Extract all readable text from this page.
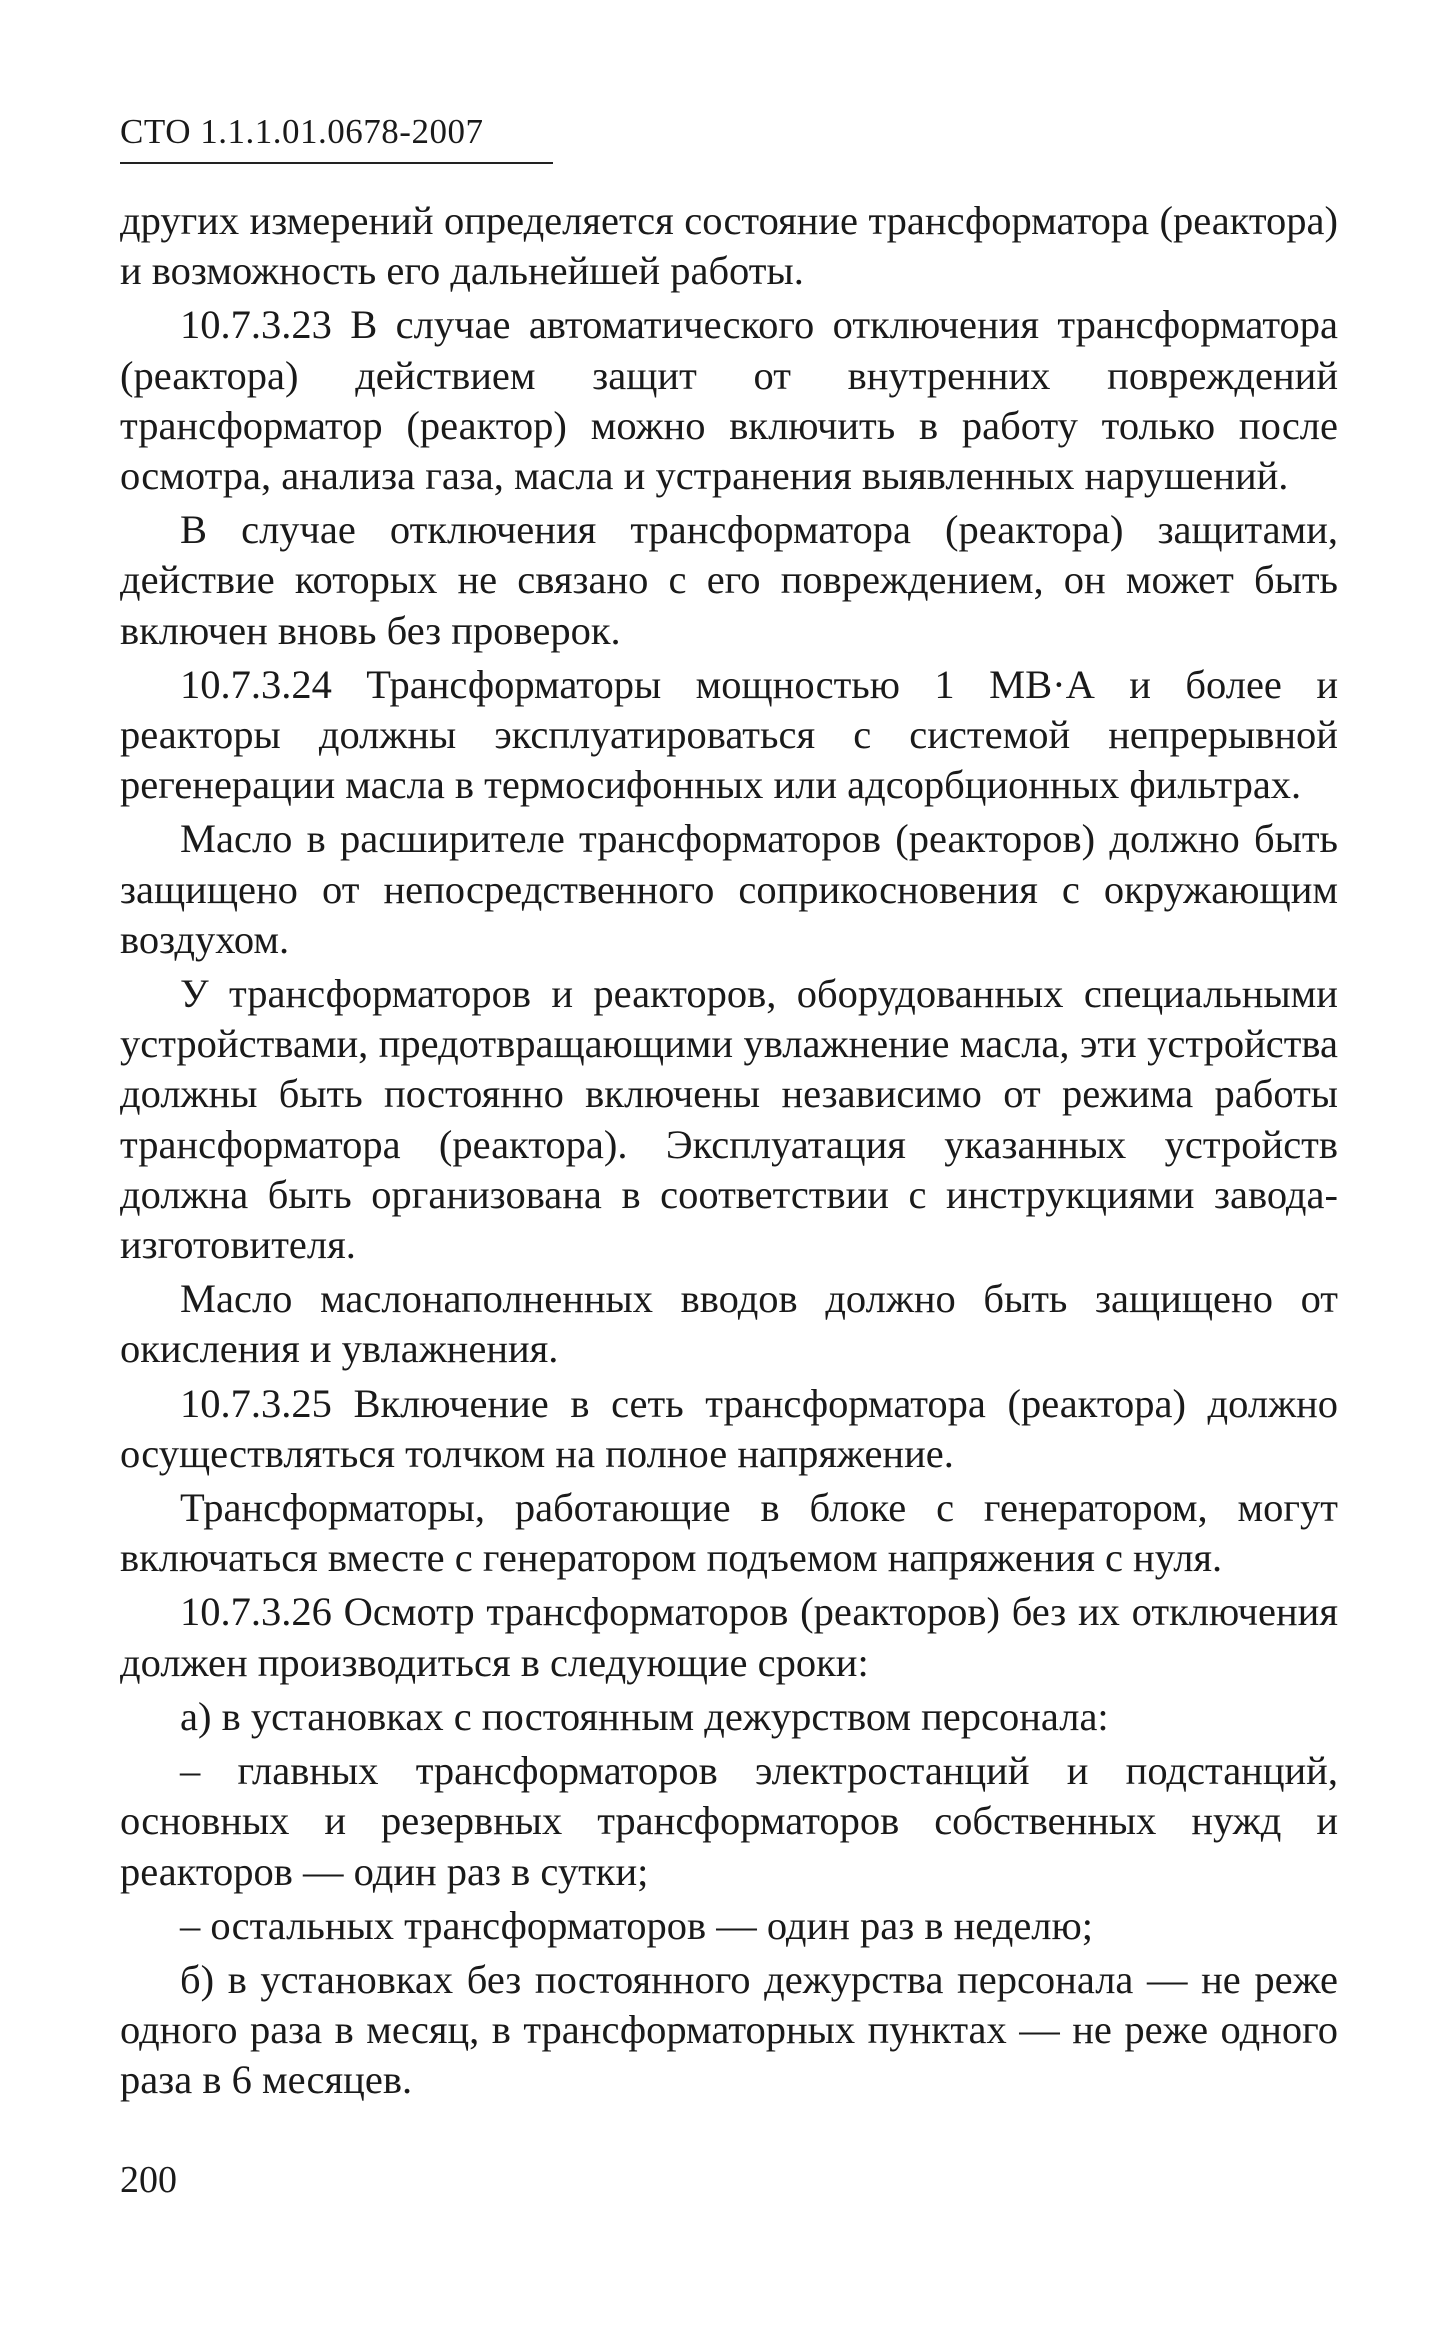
СТО 1.1.1.01.0678-2007

других измерений определяется состояние трансформатора (реактора) и возможность его дальнейшей работы.

10.7.3.23 В случае автоматического отключения трансформатора (реактора) действием защит от внутренних повреждений трансформатор (реактор) можно включить в работу только после осмотра, анализа газа, масла и устранения выявленных нарушений.

В случае отключения трансформатора (реактора) защитами, действие которых не связано с его повреждением, он может быть включен вновь без проверок.

10.7.3.24 Трансформаторы мощностью 1 МВ·А и более и реакторы должны эксплуатироваться с системой непрерывной регенерации масла в термосифонных или адсорбционных фильтрах.

Масло в расширителе трансформаторов (реакторов) должно быть защищено от непосредственного соприкосновения с окружающим воздухом.

У трансформаторов и реакторов, оборудованных специальными устройствами, предотвращающими увлажнение масла, эти устройства должны быть постоянно включены независимо от режима работы трансформатора (реактора). Эксплуатация указанных устройств должна быть организована в соответствии с инструкциями завода-изготовителя.

Масло маслонаполненных вводов должно быть защищено от окисления и увлажнения.

10.7.3.25 Включение в сеть трансформатора (реактора) должно осуществляться толчком на полное напряжение.

Трансформаторы, работающие в блоке с генератором, могут включаться вместе с генератором подъемом напряжения с нуля.

10.7.3.26 Осмотр трансформаторов (реакторов) без их отключения должен производиться в следующие сроки:

а) в установках с постоянным дежурством персонала:

– главных трансформаторов электростанций и подстанций, основных и резервных трансформаторов собственных нужд и реакторов — один раз в сутки;

– остальных трансформаторов — один раз в неделю;

б) в установках без постоянного дежурства персонала — не реже одного раза в месяц, в трансформаторных пунктах — не реже одного раза в 6 месяцев.

200
